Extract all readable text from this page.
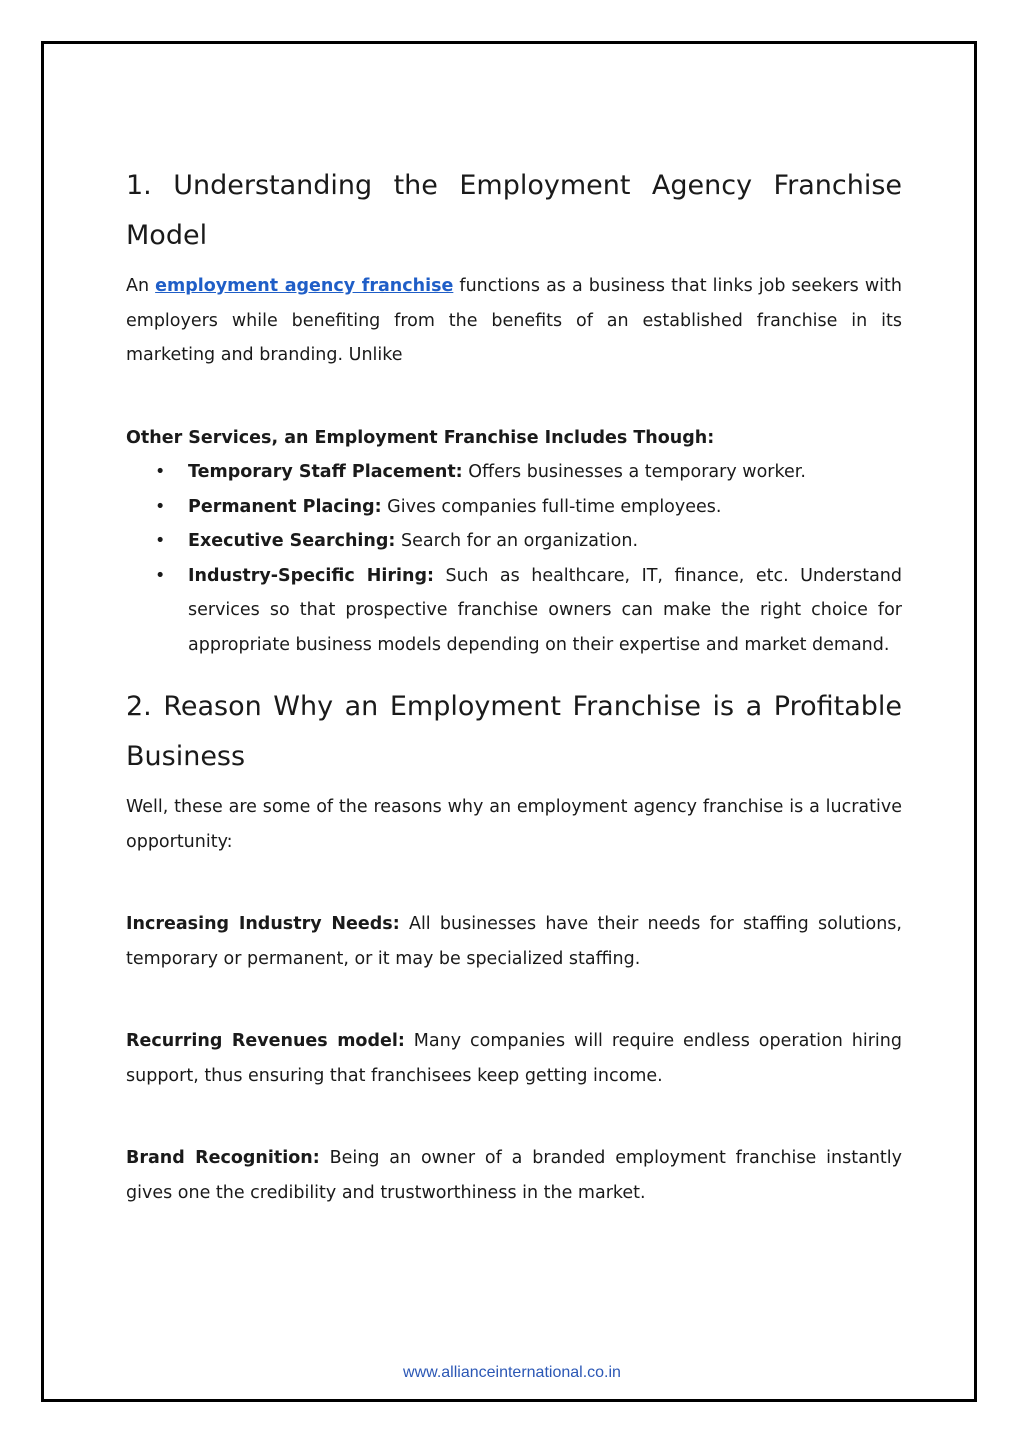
1. Understanding the Employment Agency Franchise Model

An employment agency franchise functions as a business that links job seekers with employers while benefiting from the benefits of an established franchise in its marketing and branding. Unlike

Other Services, an Employment Franchise Includes Though:

• Temporary Staff Placement: Offers businesses a temporary worker.
• Permanent Placing: Gives companies full-time employees.
• Executive Searching: Search for an organization.
• Industry-Specific Hiring: Such as healthcare, IT, finance, etc. Understand services so that prospective franchise owners can make the right choice for appropriate business models depending on their expertise and market demand.
2. Reason Why an Employment Franchise is a Profitable Business

Well, these are some of the reasons why an employment agency franchise is a lucrative opportunity:

Increasing Industry Needs: All businesses have their needs for staffing solutions, temporary or permanent, or it may be specialized staffing.

Recurring Revenues model: Many companies will require endless operation hiring support, thus ensuring that franchisees keep getting income.

Brand Recognition: Being an owner of a branded employment franchise instantly gives one the credibility and trustworthiness in the market.

www.allianceinternational.co.in
